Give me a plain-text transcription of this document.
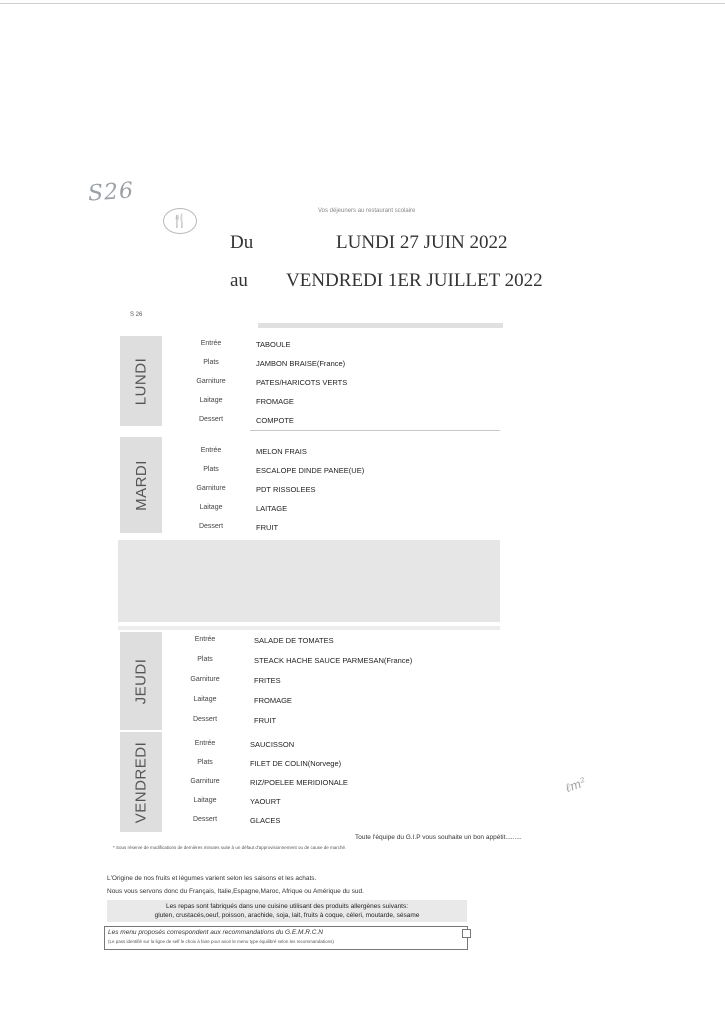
S26
ℓm²
🍴
Vos déjeuners au restaurant scolaire
Du	LUNDI 27 JUIN 2022
au VENDREDI 1ER JUILLET 2022
S 26
LUNDI
Entrée	TABOULE
Plats	JAMBON BRAISE(France)
Garniture	PATES/HARICOTS VERTS
Laitage	FROMAGE
Dessert	COMPOTE
MARDI
Entrée	MELON FRAIS
Plats	ESCALOPE DINDE PANEE(UE)
Garniture	PDT RISSOLEES
Laitage	LAITAGE
Dessert	FRUIT
JEUDI
Entrée	SALADE DE TOMATES
Plats	STEACK HACHE SAUCE PARMESAN(France)
Garniture	FRITES
Laitage	FROMAGE
Dessert	FRUIT
VENDREDI	Entrée	SAUCISSON
Plats	FILET DE COLIN(Norvege)
Garniture	RIZ/POELEE MERIDIONALE
Laitage	YAOURT
Dessert	GLACES
Toute l'équipe du G.I.P vous souhaite un bon appétit.........
* Sous réserve de modifications de dernières minutes suite à un défaut d'approvisionnement ou de cause de marché.
L'Origine de nos fruits et légumes varient selon les saisons et les achats.
Nous vous servons donc du Français, Italie,Espagne,Maroc, Afrique ou Amérique du sud.
Les repas sont fabriqués dans une cuisine utilisant des produits allergènes suivants:
gluten, crustacés,oeuf, poisson, arachide, soja, lait, fruits à coque, céleri, moutarde, sésame
Les menu proposés correspondent aux recommandations du G.E.M.R.C.N
(Le pass identifié sur la ligne de self le choix à faire pour avoir le menu type équilibré selon les recommandations)
